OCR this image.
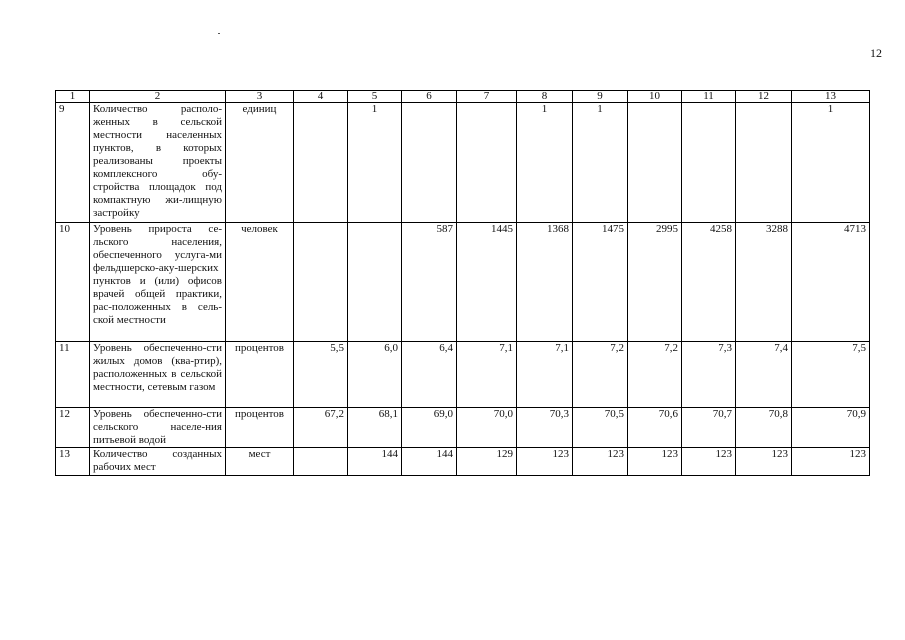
12
1	2	3	4	5	6	7	8	9	10	11	12	13
9	Количество располо-женных в сельской местности населенных пунктов, в которых реализованы проекты комплексного обу-стройства площадок под компактную жи-лищную застройку	единиц		1			1	1				1
10	Уровень прироста се-льского населения, обеспеченного услуга-ми фельдшерско-аку-шерских пунктов и (или) офисов врачей общей практики, рас-положенных в сель-ской местности	человек			587	1445	1368	1475	2995	4258	3288	4713
11	Уровень обеспеченно-сти жилых домов (ква-ртир), расположенных в сельской местности, сетевым газом	процентов	5,5	6,0	6,4	7,1	7,1	7,2	7,2	7,3	7,4	7,5
12	Уровень обеспеченно-сти сельского населе-ния питьевой водой	процентов	67,2	68,1	69,0	70,0	70,3	70,5	70,6	70,7	70,8	70,9
13	Количество созданных рабочих мест	мест		144	144	129	123	123	123	123	123	123
